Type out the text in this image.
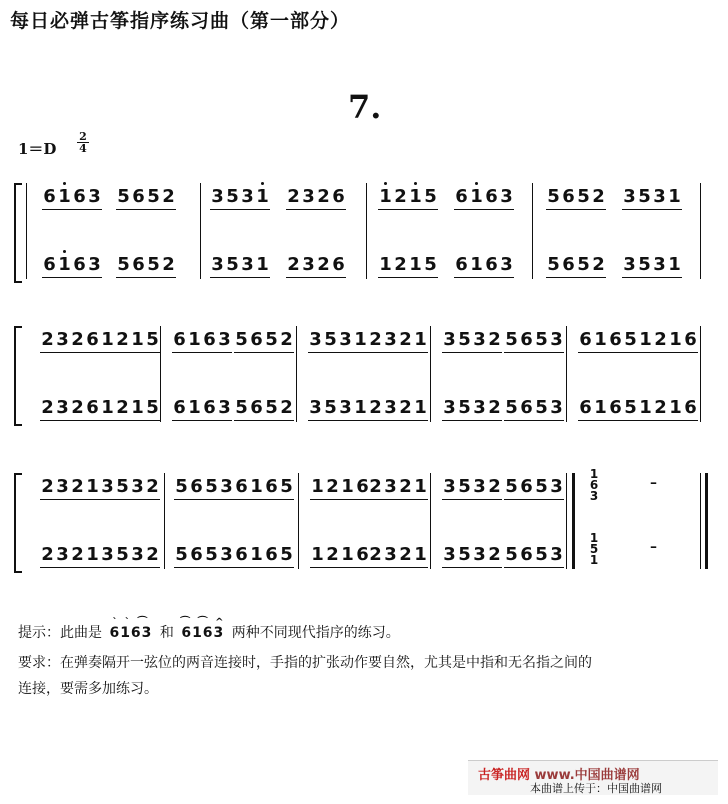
每日必弹古筝指序练习曲（第一部分）
7.
1＝D
2
4
6 1 6 3 5 6 5 2 3 5 3 1 2 3 2 6 1 2 1 5 6 1 6 3 5 6 5 2 3 5 3 1
6 1 6 3 5 6 5 2 3 5 3 1 2 3 2 6 1 2 1 5 6 1 6 3 5 6 5 2 3 5 3 1
2 3 2 6 1 2 1 5 6 1 6 3 5 6 5 2 3 5 3 1 2 3 2 1 3 5 3 2 5 6 5 3 6 1 6 5 1 2 1 6
2 3 2 6 1 2 1 5 6 1 6 3 5 6 5 2 3 5 3 1 2 3 2 1 3 5 3 2 5 6 5 3 6 1 6 5 1 2 1 6
2 3 2 1 3 5 3 2 5 6 5 3 6 1 6 5 1 2 1 6 2 3 2 1 3 5 3 2 5 6 5 3
2 3 2 1 3 5 3 2 5 6 5 3 6 1 6 5 1 2 1 6 2 3 2 1 3 5 3 2 5 6 5 3
1
6
3
–
1
5
1
–
提示：此曲是
ˋ ˋ ⌒
6163 和
⌒ ⌒ ^
6163 两种不同现代指序的练习。
要求：在弹奏隔开一弦位的两音连接时，手指的扩张动作要自然，尤其是中指和无名指之间的
连接，要需多加练习。
古筝曲网 www.中国曲谱网
本曲谱上传于：中国曲谱网
